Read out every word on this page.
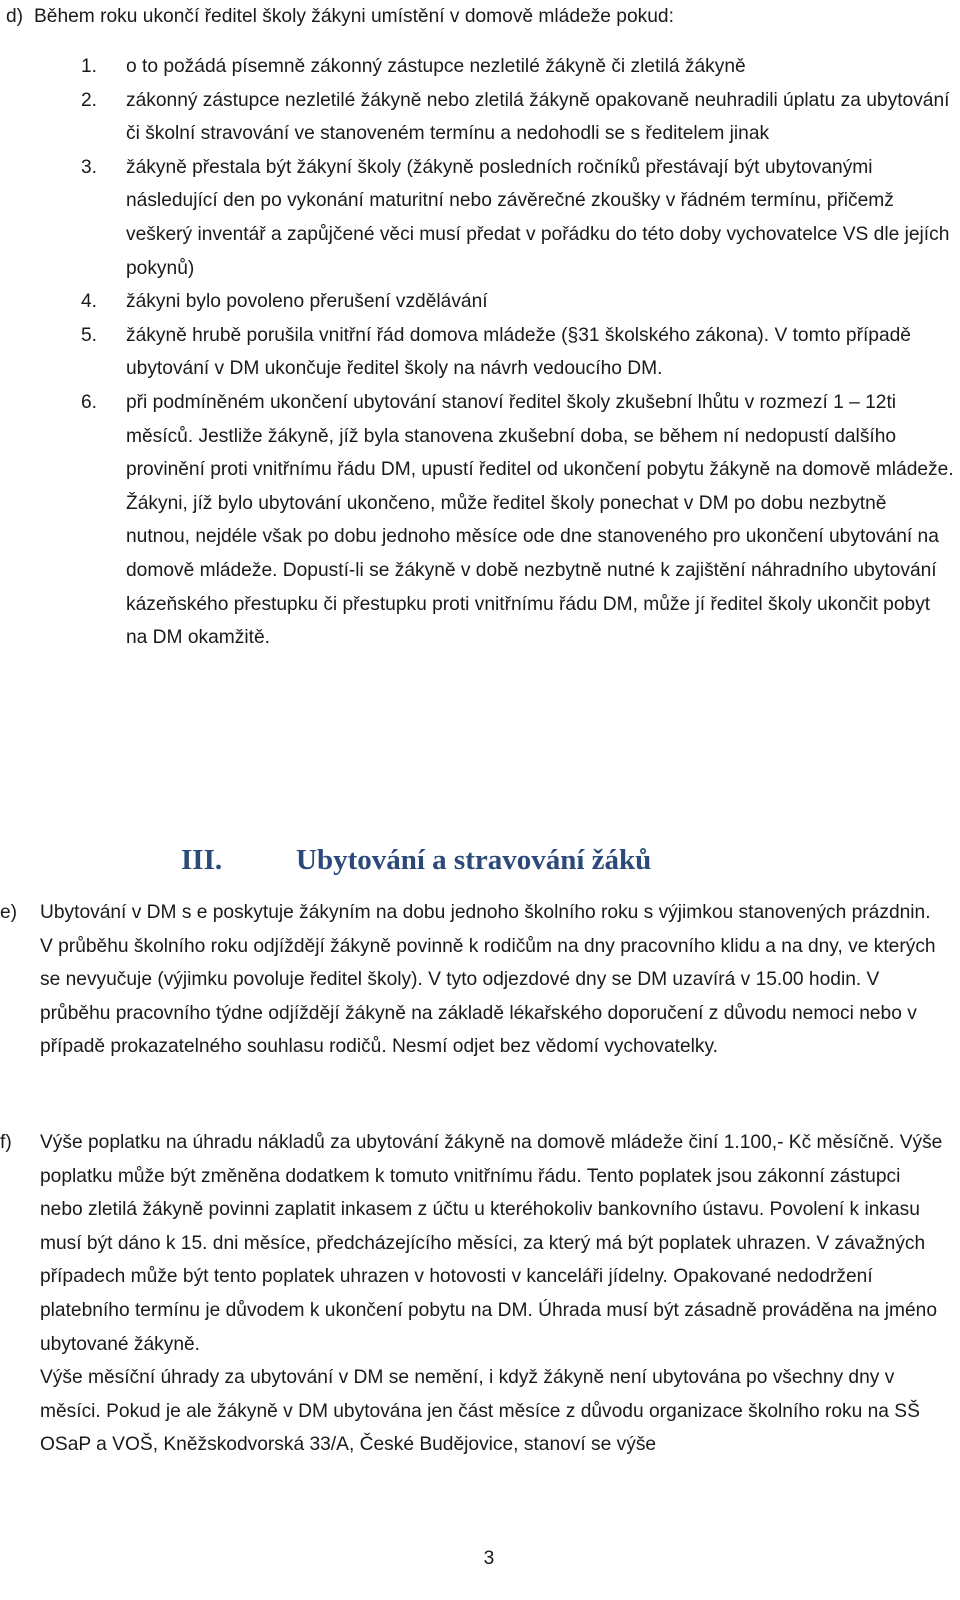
d) Během roku ukončí ředitel školy žákyni umístění v domově mládeže pokud:
1. o to požádá písemně zákonný zástupce nezletilé žákyně či zletilá žákyně
2. zákonný zástupce nezletilé žákyně nebo zletilá žákyně opakovaně neuhradili úplatu za ubytování či školní stravování ve stanoveném termínu a nedohodli se s ředitelem jinak
3. žákyně přestala být žákyní školy (žákyně posledních ročníků přestávají být ubytovanými následující den po vykonání maturitní nebo závěrečné zkoušky v řádném termínu, přičemž veškerý inventář a zapůjčené věci musí předat v pořádku do této doby vychovatelce VS dle jejích pokynů)
4. žákyni bylo povoleno přerušení vzdělávání
5. žákyně hrubě porušila vnitřní řád domova mládeže (§31 školského zákona). V tomto případě ubytování v DM ukončuje ředitel školy na návrh vedoucího DM.
6. při podmíněném ukončení ubytování stanoví ředitel školy zkušební lhůtu v rozmezí 1 – 12ti měsíců. Jestliže žákyně, jíž byla stanovena zkušební doba, se během ní nedopustí dalšího provinění proti vnitřnímu řádu DM, upustí ředitel od ukončení pobytu žákyně na domově mládeže. Žákyni, jíž bylo ubytování ukončeno, může ředitel školy ponechat v DM po dobu nezbytně nutnou, nejdéle však po dobu jednoho měsíce ode dne stanoveného pro ukončení ubytování na domově mládeže. Dopustí-li se žákyně v době nezbytně nutné k zajištění náhradního ubytování kázeňského přestupku či přestupku proti vnitřnímu řádu DM, může jí ředitel školy ukončit pobyt na DM okamžitě.
III.	Ubytování a stravování žáků
e) Ubytování v DM s e poskytuje žákyním na dobu jednoho školního roku s výjimkou stanovených prázdnin. V průběhu školního roku odjíždějí žákyně povinně k rodičům na dny pracovního klidu a na dny, ve kterých se nevyučuje (výjimku povoluje ředitel školy). V tyto odjezdové dny se DM uzavírá v 15.00 hodin. V průběhu pracovního týdne odjíždějí žákyně na základě lékařského doporučení z důvodu nemoci nebo v případě prokazatelného souhlasu rodičů. Nesmí odjet bez vědomí vychovatelky.
f) Výše poplatku na úhradu nákladů za ubytování žákyně na domově mládeže činí 1.100,- Kč měsíčně. Výše poplatku může být změněna dodatkem k tomuto vnitřnímu řádu. Tento poplatek jsou zákonní zástupci nebo zletilá žákyně povinni zaplatit inkasem z účtu u kteréhokoliv bankovního ústavu. Povolení k inkasu musí být dáno k 15. dni měsíce, předcházejícího měsíci, za který má být poplatek uhrazen. V závažných případech může být tento poplatek uhrazen v hotovosti v kanceláři jídelny. Opakované nedodržení platebního termínu je důvodem k ukončení pobytu na DM. Úhrada musí být zásadně prováděna na jméno ubytované žákyně.
Výše měsíční úhrady za ubytování v DM se nemění, i když žákyně není ubytována po všechny dny v měsíci. Pokud je ale žákyně v DM ubytována jen část měsíce z důvodu organizace školního roku na SŠ OSaP a VOŠ, Kněžskodvorská 33/A, České Budějovice, stanoví se výše
3
